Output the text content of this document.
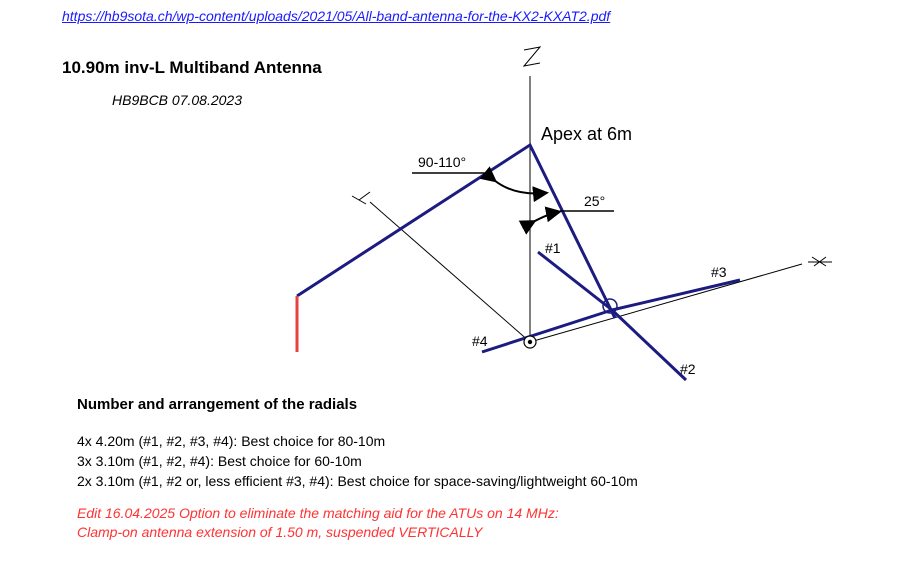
https://hb9sota.ch/wp-content/uploads/2021/05/All-band-antenna-for-the-KX2-KXAT2.pdf
10.90m inv-L Multiband Antenna
HB9BCB 07.08.2023
Apex at 6m
90-110°
25°
#1
#2
#3
#4
Number and arrangement of the radials
4x 4.20m (#1, #2, #3, #4): Best choice for 80-10m
3x 3.10m (#1, #2, #4): Best choice for 60-10m
2x 3.10m (#1, #2 or, less efficient #3, #4): Best choice for space-saving/lightweight 60-10m
Edit 16.04.2025 Option to eliminate the matching aid for the ATUs on 14 MHz:
Clamp-on antenna extension of 1.50 m, suspended VERTICALLY
